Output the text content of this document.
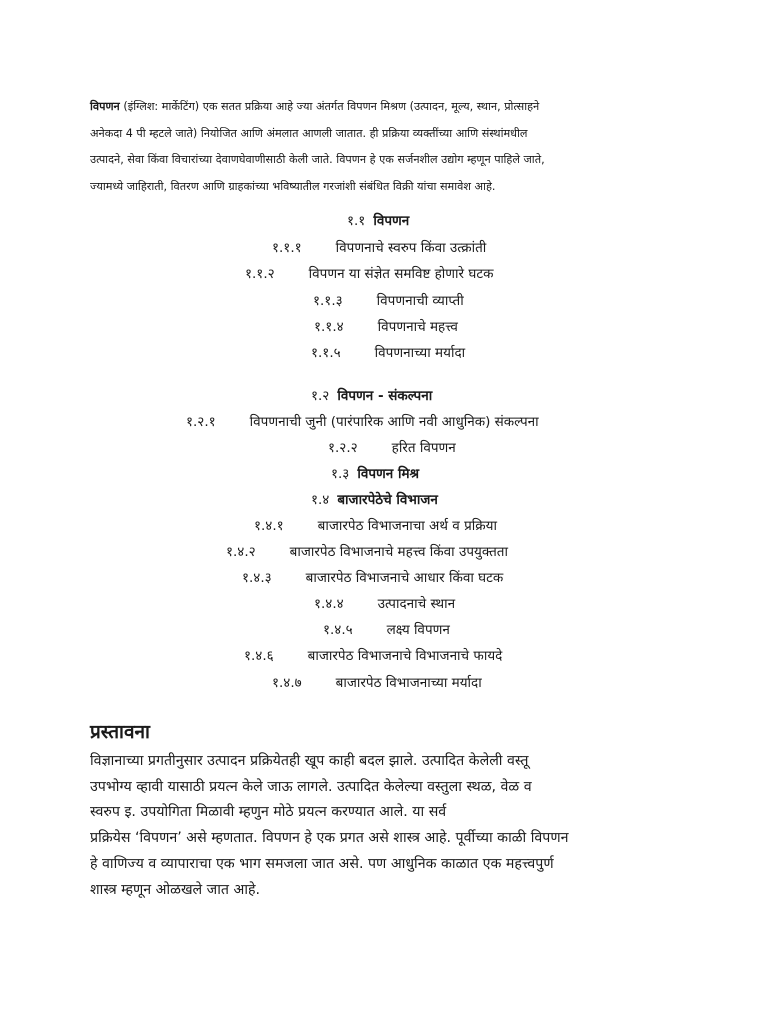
विपणन (इंग्लिश: मार्केटिंग) एक सतत प्रक्रिया आहे ज्या अंतर्गत विपणन मिश्रण (उत्पादन, मूल्य, स्थान, प्रोत्साहने

अनेकदा 4 पी म्हटले जाते) नियोजित आणि अंमलात आणली जातात. ही प्रक्रिया व्यक्तींच्या आणि संस्थांमधील

उत्पादने, सेवा किंवा विचारांच्या देवाणघेवाणीसाठी केली जाते. विपणन हे एक सर्जनशील उद्योग म्हणून पाहिले जाते,

ज्यामध्ये जाहिराती, वितरण आणि ग्राहकांच्या भविष्यातील गरजांशी संबंधित विक्री यांचा समावेश आहे.

१.१ विपणन
१.१.१	विपणनाचे स्वरुप किंवा उत्क्रांती
१.१.२	विपणन या संज्ञेत समविष्ट होणारे घटक
१.१.३	विपणनाची व्याप्ती
१.१.४	विपणनाचे महत्त्व
१.१.५	विपणनाच्या मर्यादा
१.२ विपणन - संकल्पना
१.२.१	विपणनाची जुनी (पारंपारिक आणि नवी आधुनिक) संकल्पना
१.२.२	हरित विपणन
१.३ विपणन मिश्र
१.४ बाजारपेठेचे विभाजन
१.४.१	बाजारपेठ विभाजनाचा अर्थ व प्रक्रिया
१.४.२	बाजारपेठ विभाजनाचे महत्त्व किंवा उपयुक्तता
१.४.३	बाजारपेठ विभाजनाचे आधार किंवा घटक
१.४.४	उत्पादनाचे स्थान
१.४.५	लक्ष्य विपणन
१.४.६	बाजारपेठ विभाजनाचे विभाजनाचे फायदे
१.४.७	बाजारपेठ विभाजनाच्या मर्यादा
प्रस्तावना
विज्ञानाच्या प्रगतीनुसार उत्पादन प्रक्रियेतही खूप काही बदल झाले. उत्पादित केलेली वस्तू
उपभोग्य व्हावी यासाठी प्रयत्न केले जाऊ लागले. उत्पादित केलेल्या वस्तुला स्थळ, वेळ व
स्वरुप इ. उपयोगिता मिळावी म्हणुन मोठे प्रयत्न करण्यात आले. या सर्व
प्रक्रियेस ‘विपणन’ असे म्हणतात. विपणन हे एक प्रगत असे शास्त्र आहे. पूर्वीच्या काळी विपणन
हे वाणिज्य व व्यापाराचा एक भाग समजला जात असे. पण आधुनिक काळात एक महत्त्वपुर्ण
शास्त्र म्हणून ओळखले जात आहे.
